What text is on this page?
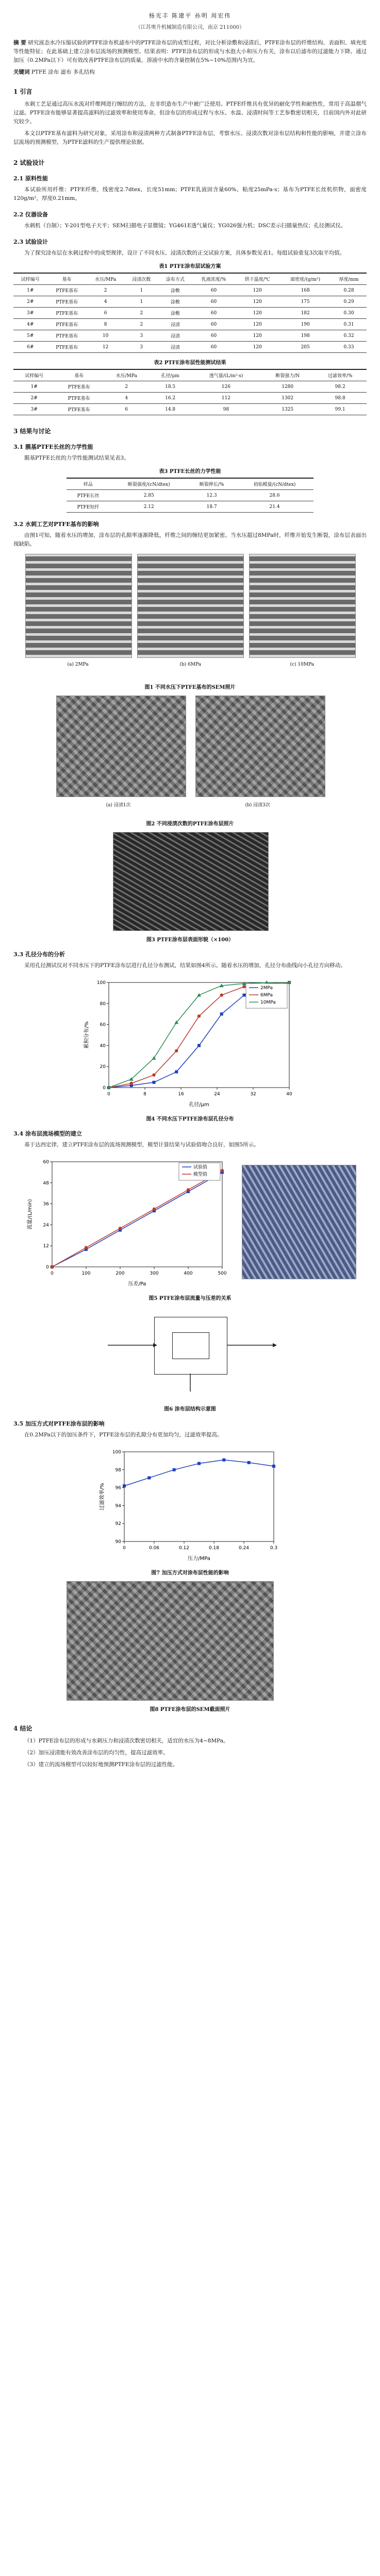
杨光丰 陈建平 孙明 周宏伟
（江苏奥升机械制造有限公司，南京 211000）
摘 要 研究液态水冷压缩试验的PTFE涂布机滤布中的PTFE涂布层的成型过程，对比分析涂敷和浸渍后，PTFE涂布层的纤维结构、表面积、填充度等性能特征；在此基础上建立涂布层流场的预测模型。结果表明：PTFE涂布层的形成与水泡大小和压力有关，涂布以后滤布的过滤能力下降。通过加压（0.2MPa以下）可有效改善PTFE涂布层的质量，溶液中水的含量控制在5%~10%范围内为宜。
关键词 PTFE 涂布 滤布 多孔结构
1 引言

水刺工艺是通过高压水流对纤维网进行缠结的方法，在非织造布生产中被广泛使用。PTFE纤维具有优异的耐化学性和耐热性，常用于高温烟气过滤。PTFE涂布能够显著提高滤料的过滤效率和使用寿命，但涂布层的形成过程与水压、水温、浸渍时间等工艺参数密切相关，目前国内外对此研究较少。

本文以PTFE基布滤料为研究对象，采用涂布和浸渍两种方式制备PTFE涂布层，考察水压、浸渍次数对涂布层结构和性能的影响，并建立涂布层流场的预测模型，为PTFE滤料的生产提供理论依据。

2 试验设计
2.1 原料性能

本试验所用纤维：PTFE纤维，线密度2.7dtex，长度51mm；PTFE乳液固含量60%，粘度25mPa·s；基布为PTFE长丝机织物，面密度120g/m²，厚度0.21mm。

2.2 仪器设备

水刺机（自制）；Y-201型电子天平；SEM扫描电子显微镜；YG461E透气量仪；YG026强力机；DSC差示扫描量热仪；孔径测试仪。

2.3 试验设计

为了探究涂布层在水刺过程中的成型规律，设计了不同水压、浸渍次数的正交试验方案，具体参数见表1。每组试验重复3次取平均值。

表1 PTFE涂布层试验方案
试样编号	基布	水压/MPa	浸渍次数	涂布方式	乳液浓度/%	烘干温度/℃	面密度/(g/m²)	厚度/mm
1#	PTFE基布	2	1	涂敷	60	120	168	0.28
2#	PTFE基布	4	1	涂敷	60	120	175	0.29
3#	PTFE基布	6	2	涂敷	60	120	182	0.30
4#	PTFE基布	8	2	浸渍	60	120	190	0.31
5#	PTFE基布	10	3	浸渍	60	120	198	0.32
6#	PTFE基布	12	3	浸渍	60	120	205	0.33
表2 PTFE涂布层性能测试结果
试样编号	基布	水压/MPa	孔径/μm	透气量/(L/m²·s)	断裂强力/N	过滤效率/%
1#	PTFE基布	2	18.5	126	1280	98.2
2#	PTFE基布	4	16.2	112	1302	98.8
3#	PTFE基布	6	14.8	98	1325	99.1
3 结果与讨论
3.1 膜基PTFE长丝的力学性能

膜基PTFE长丝的力学性能测试结果见表3。

表3 PTFE长丝的力学性能
样品	断裂强度/(cN/dtex)	断裂伸长/%	初始模量/(cN/dtex)
PTFE长丝	2.85	12.3	28.6
PTFE短纤	2.12	18.7	21.4
3.2 水刺工艺对PTFE基布的影响

由图1可知，随着水压的增加，涂布层的孔隙率逐渐降低，纤维之间的缠结更加紧密。当水压超过8MPa时，纤维开始发生断裂，涂布层表面出现缺陷。

(a) 2MPa	(b) 6MPa	(c) 10MPa
图1 不同水压下PTFE基布的SEM照片
(a) 浸渍1次	(b) 浸渍3次
图2 不同浸渍次数的PTFE涂布层照片
图3 PTFE涂布层表面形貌（×100）
3.3 孔径分布的分析

采用孔径测试仪对不同水压下的PTFE涂布层进行孔径分布测试，结果如图4所示。随着水压的增加，孔径分布曲线向小孔径方向移动。

0	8	16	24	32	40
0
20
40
60
80
100
孔径/μm
累积分布/%
2MPa
6MPa
10MPa
图4 不同水压下PTFE涂布层孔径分布
3.4 涂布层流场模型的建立

基于达西定律，建立PTFE涂布层的流场预测模型，模型计算结果与试验值吻合良好，如图5所示。

0	100	200	300	400	500
0
12
24
36
48
60
压差/Pa
流量/(L/min)
试验值
模型值
图5 PTFE涂布层流量与压差的关系
图6 涂布层结构示意图
3.5 加压方式对PTFE涂布层的影响

在0.2MPa以下的加压条件下，PTFE涂布层的孔隙分布更加均匀，过滤效率提高。

0	0.06	0.12	0.18	0.24	0.3
90
92
94
96
98
100
压力/MPa
过滤效率/%
图7 加压方式对涂布层性能的影响
图8 PTFE涂布层的SEM截面照片
4 结论

（1）PTFE涂布层的形成与水刺压力和浸渍次数密切相关，适宜的水压为4~8MPa。

（2）加压浸渍能有效改善涂布层的均匀性，提高过滤效率。

（3）建立的流场模型可以较好地预测PTFE涂布层的过滤性能。
